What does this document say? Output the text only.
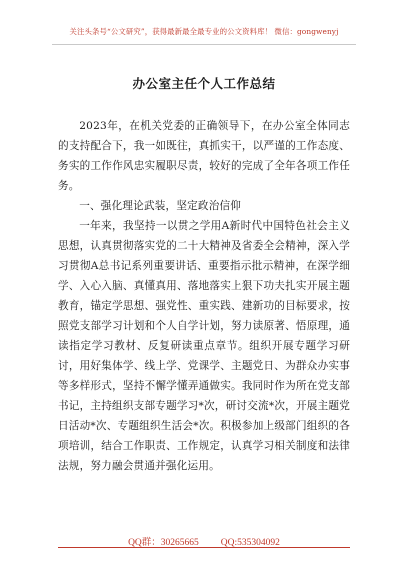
关注头条号“公文研究”，获得最新最全最专业的公文资料库！ 微信：gongwenyj
办公室主任个人工作总结

2023年，在机关党委的正确领导下，在办公室全体同志的支持配合下，我一如既往，真抓实干，以严谨的工作态度、务实的工作作风忠实履职尽责，较好的完成了全年各项工作任务。

一、强化理论武装，坚定政治信仰

一年来，我坚持一以贯之学用A新时代中国特色社会主义思想，认真贯彻落实党的二十大精神及省委全会精神，深入学习贯彻A总书记系列重要讲话、重要指示批示精神，在深学细学、入心入脑、真懂真用、落地落实上狠下功夫扎实开展主题教育，锚定学思想、强党性、重实践、建新功的目标要求，按照党支部学习计划和个人自学计划，努力读原著、悟原理，通读指定学习教材、反复研读重点章节。组织开展专题学习研讨，用好集体学、线上学、党课学、主题党日、为群众办实事等多样形式，坚持不懈学懂弄通做实。我同时作为所在党支部书记，主持组织支部专题学习*次，研讨交流*次，开展主题党日活动*次、专题组织生活会*次。积极参加上级部门组织的各项培训，结合工作职责、工作规定，认真学习相关制度和法律法规，努力融会贯通并强化运用。

QQ群：30265665 QQ:535304092
